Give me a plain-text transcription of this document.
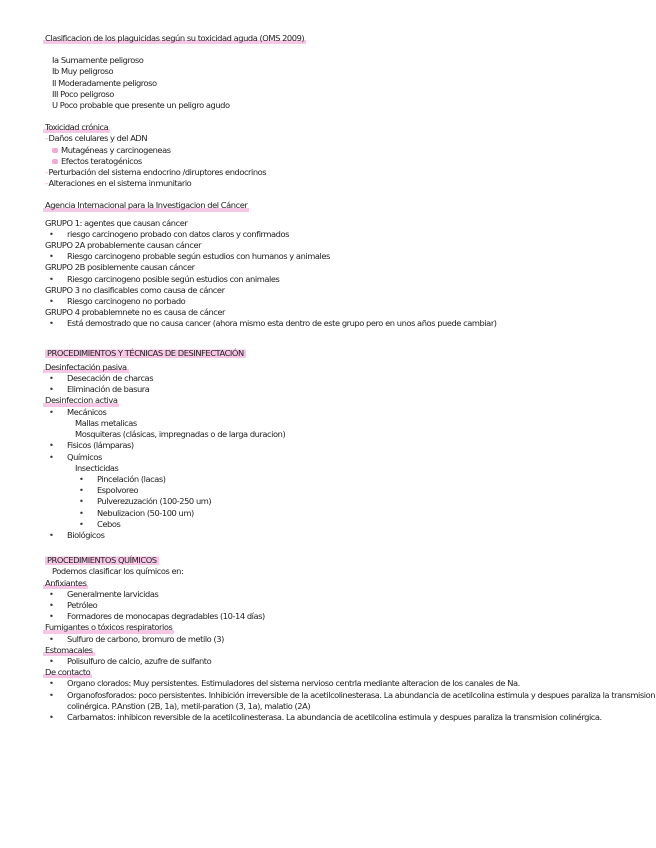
Clasificacion de los plaguicidas según su toxicidad aguda (OMS 2009)
Ia Sumamente peligroso
Ib Muy peligroso
II Moderadamente peligroso
III Poco peligroso
U Poco probable que presente un peligro agudo
Toxicidad crónica
-Daños celulares y del ADN
Mutagéneas y carcinogeneas
Efectos teratogénicos
-Perturbación del sistema endocrino /diruptores endocrinos
-Alteraciones en el sistema inmunitario
Agencia Internacional para la Investigacion del Cáncer
GRUPO 1: agentes que causan cáncer
• riesgo carcinogeno probado con datos claros y confirmados
GRUPO 2A probablemente causan cáncer
• Riesgo carcinogeno probable según estudios con humanos y animales
GRUPO 2B posiblemente causan cáncer
• Riesgo carcinogeno posible según estudios con animales
GRUPO 3 no clasificables como causa de cáncer
• Riesgo carcinogeno no porbado
GRUPO 4 probablemnete no es causa de cáncer
• Está demostrado que no causa cancer (ahora mismo esta dentro de este grupo pero en unos años puede cambiar)
PROCEDIMIENTOS Y TÉCNICAS DE DESINFECTACIÓN
Desinfectación pasiva
• Desecación de charcas
• Eliminación de basura
Desinfeccion activa
• Mecánicos
Mallas metalicas
Mosquiteras (clásicas, impregnadas o de larga duracion)
• Fisicos (lámparas)
• Químicos
Insecticidas
• Pincelación (lacas)
• Espolvoreo
• Pulverezuzación (100-250 um)
• Nebulizacion (50-100 um)
• Cebos
• Biológicos
PROCEDIMIENTOS QUÍMICOS
Podemos clasificar los químicos en:
Anfixiantes
• Generalmente larvicidas
• Petróleo
• Formadores de monocapas degradables (10-14 días)
Fumigantes o tóxicos respiratorios
• Sulfuro de carbono, bromuro de metilo (3)
Estomacales
• Polisulfuro de calcio, azufre de sulfanto
De contacto
• Organo clorados: Muy persistentes. Estimuladores del sistema nervioso centrla mediante alteracion de los canales de Na.
• Organofosforados: poco persistentes. Inhibición irreversible de la acetilcolinesterasa. La abundancia de acetilcolina estimula y despues paraliza la transmision colinérgica. P.Anstion (2B, 1a), metil-paration (3, 1a), malatio (2A)
• Carbamatos: inhibicon reversible de la acetilcolinesterasa. La abundancia de acetilcolina estimula y despues paraliza la transmision colinérgica.
